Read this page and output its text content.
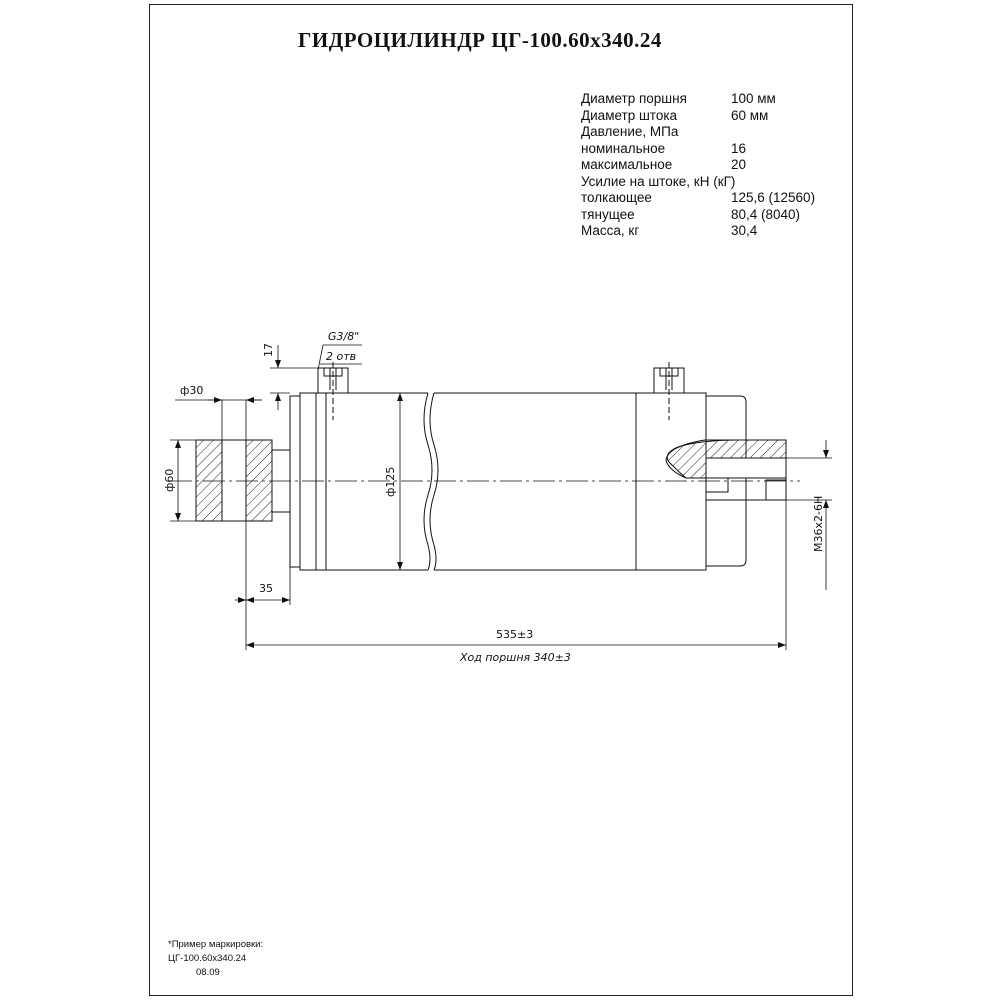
ГИДРОЦИЛИНДР ЦГ-100.60х340.24
Диаметр поршня	100 мм
Диаметр штока	60 мм
Давление, МПа
номинальное	16
максимальное	20
Усилие на штоке, кН (кГ)
толкающее	125,6 (12560)
тянущее	80,4 (8040)
Масса, кг	30,4
G3/8"
2 отв
17
ф30
ф60	ф125
М36х2-6Н
35
535±3
Ход поршня 340±3
*Пример маркировки:
ЦГ-100.60х340.24
08.09
